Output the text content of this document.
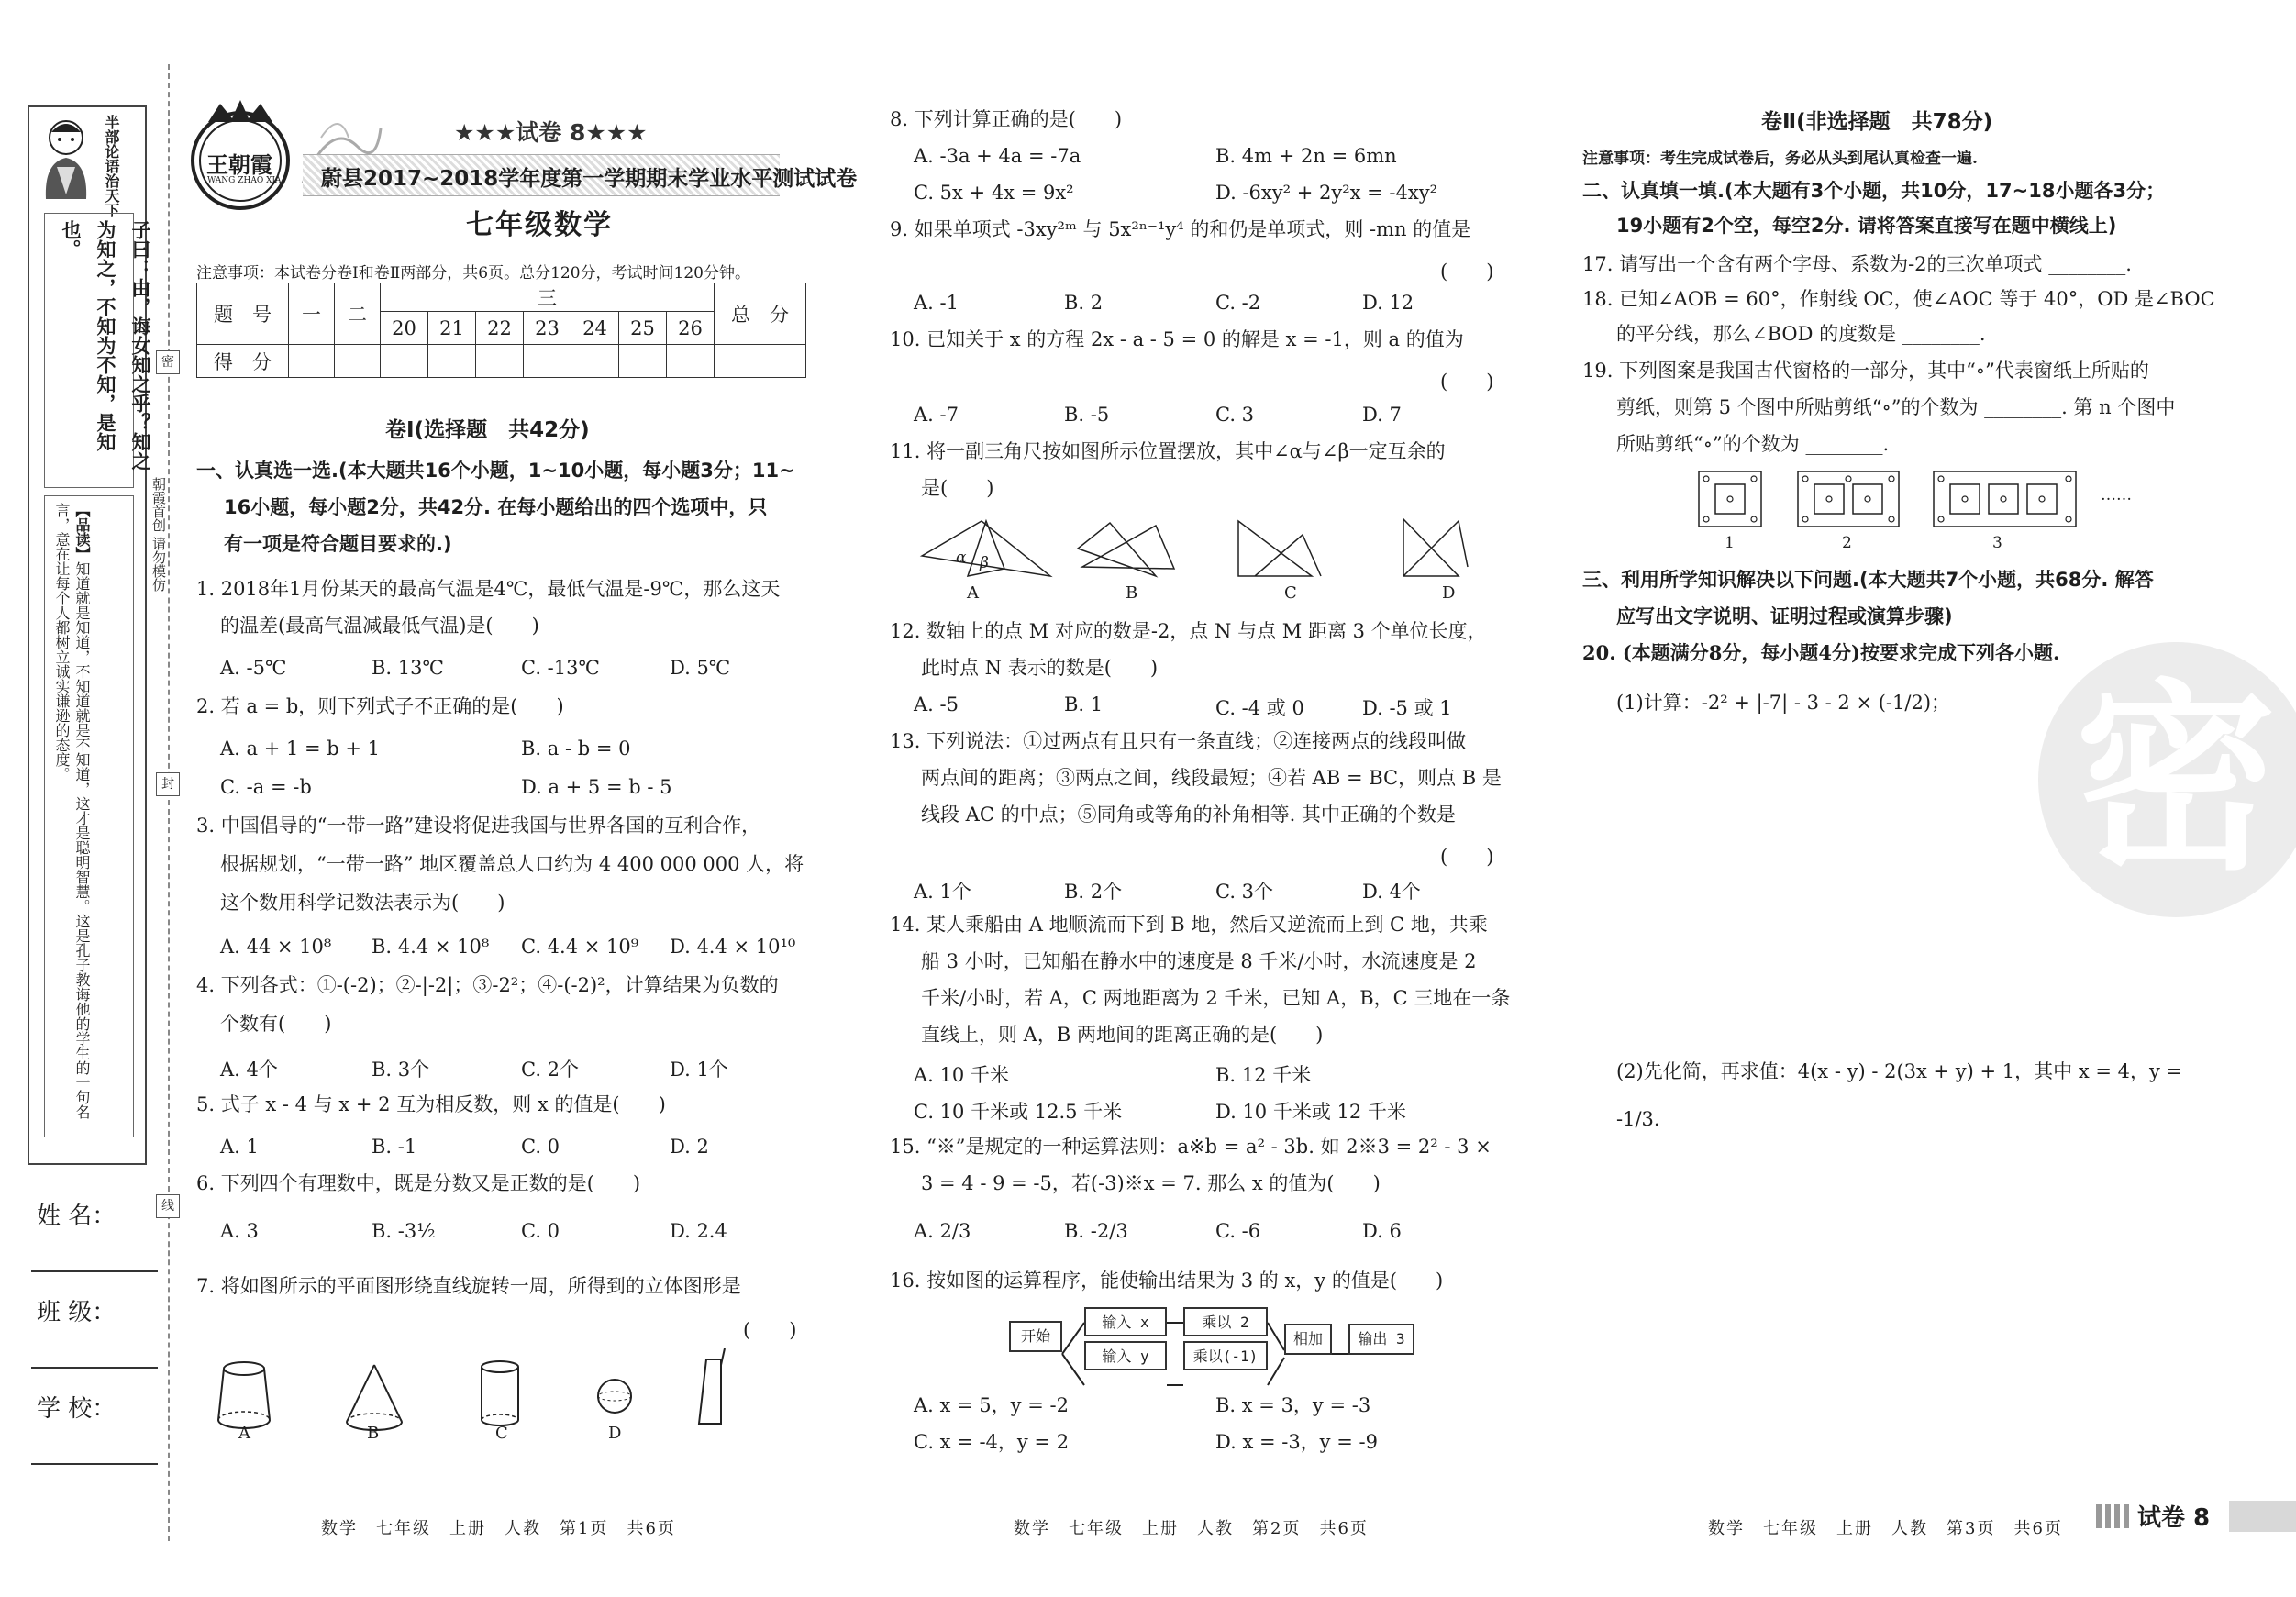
半部论语治天下
子曰：由，诲女知之乎？知之为知之，不知为不知，是知也。
【品读】知道就是知道，不知道就是不知道，这才是聪明智慧。这是孔子教诲他的学生的一句名言，意在让每个人都树立诚实谦逊的态度。	朝霞首创 请勿模仿
密
封
线
姓 名：
班 级：
学 校：
王朝霞
WANG ZHAO XIA
★★★试卷 8★★★
蔚县2017~2018学年度第一学期期末学业水平测试试卷
七年级数学
注意事项：本试卷分卷Ⅰ和卷Ⅱ两部分，共6页。总分120分，考试时间120分钟。
题　号	一	二	三							总　分
			20	21	22	23	24	25	26	
得　分										
卷Ⅰ(选择题　共42分)
一、认真选一选.(本大题共16个小题，1~10小题，每小题3分；11~
16小题，每小题2分，共42分. 在每小题给出的四个选项中，只
有一项是符合题目要求的.)
1. 2018年1月份某天的最高气温是4℃，最低气温是-9℃，那么这天
的温差(最高气温减最低气温)是(　　)
A. -5℃	B. 13℃	C. -13℃	D. 5℃
2. 若 a = b，则下列式子不正确的是(　　)
A. a + 1 = b + 1	B. a - b = 0
C. -a = -b	D. a + 5 = b - 5
3. 中国倡导的“一带一路”建设将促进我国与世界各国的互利合作，
根据规划，“一带一路” 地区覆盖总人口约为 4 400 000 000 人，将
这个数用科学记数法表示为(　　)
A. 44 × 10⁸ B. 4.4 × 10⁸ C. 4.4 × 10⁹ D. 4.4 × 10¹⁰
4. 下列各式：①-(-2)；②-|-2|；③-2²；④-(-2)²，计算结果为负数的
个数有(　　)
A. 4个	B. 3个	C. 2个	D. 1个
5. 式子 x - 4 与 x + 2 互为相反数，则 x 的值是(　　)
A. 1	B. -1	C. 0	D. 2
6. 下列四个有理数中，既是分数又是正数的是(　　)
A. 3	B. -3½	C. 0	D. 2.4
7. 将如图所示的平面图形绕直线旋转一周，所得到的立体图形是
(　　)
A	B	C	D
8. 下列计算正确的是(　　)
A. -3a + 4a = -7a	B. 4m + 2n = 6mn
C. 5x + 4x = 9x²	D. -6xy² + 2y²x = -4xy²
9. 如果单项式 -3xy²ᵐ 与 5x²ⁿ⁻¹y⁴ 的和仍是单项式，则 -mn 的值是
(　　)
A. -1	B. 2	C. -2	D. 12
10. 已知关于 x 的方程 2x - a - 5 = 0 的解是 x = -1，则 a 的值为
(　　)
A. -7	B. -5	C. 3	D. 7
11. 将一副三角尺按如图所示位置摆放，其中∠α与∠β一定互余的
是(　　)
α β
A	B	C	D
12. 数轴上的点 M 对应的数是-2，点 N 与点 M 距离 3 个单位长度，
此时点 N 表示的数是(　　)
A. -5	B. 1	C. -4 或 0	D. -5 或 1
13. 下列说法：①过两点有且只有一条直线；②连接两点的线段叫做
两点间的距离；③两点之间，线段最短；④若 AB = BC，则点 B 是
线段 AC 的中点；⑤同角或等角的补角相等. 其中正确的个数是
(　　)
A. 1个	B. 2个	C. 3个	D. 4个
14. 某人乘船由 A 地顺流而下到 B 地，然后又逆流而上到 C 地，共乘
船 3 小时，已知船在静水中的速度是 8 千米/小时，水流速度是 2
千米/小时，若 A，C 两地距离为 2 千米，已知 A，B，C 三地在一条
直线上，则 A，B 两地间的距离正确的是(　　)
A. 10 千米	B. 12 千米
C. 10 千米或 12.5 千米	D. 10 千米或 12 千米
15. “※”是规定的一种运算法则：a※b = a² - 3b. 如 2※3 = 2² - 3 ×
3 = 4 - 9 = -5，若(-3)※x = 7. 那么 x 的值为(　　)
A. 2/3	B. -2/3	C. -6	D. 6
16. 按如图的运算程序，能使输出结果为 3 的 x，y 的值是(　　)
开始
输入 x
输入 y
乘以 2
乘以(-1)
相加	输出 3
A. x = 5，y = -2	B. x = 3，y = -3
C. x = -4，y = 2	D. x = -3，y = -9
密
卷Ⅱ(非选择题　共78分)
注意事项：考生完成试卷后，务必从头到尾认真检查一遍.
二、认真填一填.(本大题有3个小题，共10分，17~18小题各3分；
19小题有2个空，每空2分. 请将答案直接写在题中横线上)
17. 请写出一个含有两个字母、系数为-2的三次单项式 ________.
18. 已知∠AOB = 60°，作射线 OC，使∠AOC 等于 40°，OD 是∠BOC
的平分线，那么∠BOD 的度数是 ________.
19. 下列图案是我国古代窗格的一部分，其中“∘”代表窗纸上所贴的
剪纸，则第 5 个图中所贴剪纸“∘”的个数为 ________. 第 n 个图中
所贴剪纸“∘”的个数为 ________.
1	2	3
……
三、利用所学知识解决以下问题.(本大题共7个小题，共68分. 解答
应写出文字说明、证明过程或演算步骤)
20. (本题满分8分，每小题4分)按要求完成下列各小题.
(1)计算：-2² + |-7| - 3 - 2 × (-1/2)；
(2)先化简，再求值：4(x - y) - 2(3x + y) + 1，其中 x = 4，y =
-1/3.
数学　七年级　上册　人教　第1页　共6页	数学　七年级　上册　人教　第2页　共6页	数学　七年级　上册　人教　第3页　共6页	试卷 8
